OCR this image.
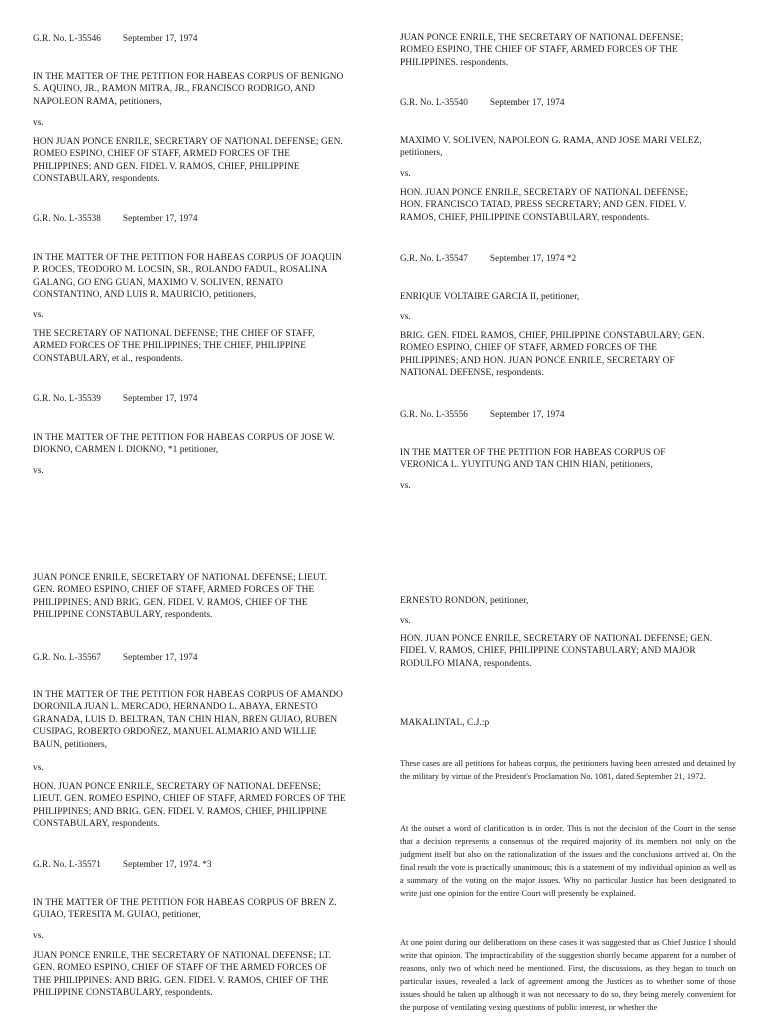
G.R. No. L-35546 September 17, 1974

IN THE MATTER OF THE PETITION FOR HABEAS CORPUS OF BENIGNO
S. AQUINO, JR., RAMON MITRA, JR., FRANCISCO RODRIGO, AND
NAPOLEON RAMA, petitioners,

vs.

HON JUAN PONCE ENRILE, SECRETARY OF NATIONAL DEFENSE; GEN.
ROMEO ESPINO, CHIEF OF STAFF, ARMED FORCES OF THE
PHILIPPINES; AND GEN. FIDEL V. RAMOS, CHIEF, PHILIPPINE
CONSTABULARY, respondents.

G.R. No. L-35538 September 17, 1974

IN THE MATTER OF THE PETITION FOR HABEAS CORPUS OF JOAQUIN
P. ROCES, TEODORO M. LOCSIN, SR., ROLANDO FADUL, ROSALINA
GALANG, GO ENG GUAN, MAXIMO V. SOLIVEN, RENATO
CONSTANTINO, AND LUIS R. MAURICIO, petitioners,

vs.

THE SECRETARY OF NATIONAL DEFENSE; THE CHIEF OF STAFF,
ARMED FORCES OF THE PHILIPPINES; THE CHIEF, PHILIPPINE
CONSTABULARY, et al., respondents.

G.R. No. L-35539 September 17, 1974

IN THE MATTER OF THE PETITION FOR HABEAS CORPUS OF JOSE W.
DIOKNO, CARMEN I. DIOKNO, *1 petitioner,

vs.

JUAN PONCE ENRILE, SECRETARY OF NATIONAL DEFENSE; LIEUT.
GEN. ROMEO ESPINO, CHIEF OF STAFF, ARMED FORCES OF THE
PHILIPPINES; AND BRIG. GEN. FIDEL V. RAMOS, CHIEF OF THE
PHILIPPINE CONSTABULARY, respondents.

G.R. No. L-35567 September 17, 1974

IN THE MATTER OF THE PETITION FOR HABEAS CORPUS OF AMANDO
DORONILA JUAN L. MERCADO, HERNANDO L. ABAYA, ERNESTO
GRANADA, LUIS D. BELTRAN, TAN CHIN HIAN, BREN GUIAO, RUBEN
CUSIPAG, ROBERTO ORDOÑEZ, MANUEL ALMARIO AND WILLIE
BAUN, petitioners,

vs.

HON. JUAN PONCE ENRILE, SECRETARY OF NATIONAL DEFENSE;
LIEUT. GEN. ROMEO ESPINO, CHIEF OF STAFF, ARMED FORCES OF THE
PHILIPPINES; AND BRIG. GEN. FIDEL V. RAMOS, CHIEF, PHILIPPINE
CONSTABULARY, respondents.

G.R. No. L-35571 September 17, 1974. *3

IN THE MATTER OF THE PETITION FOR HABEAS CORPUS OF BREN Z.
GUIAO, TERESITA M. GUIAO, petitioner,

vs.

JUAN PONCE ENRILE, THE SECRETARY OF NATIONAL DEFENSE; LT.
GEN. ROMEO ESPINO, CHIEF OF STAFF OF THE ARMED FORCES OF
THE PHILIPPINES: AND BRIG. GEN. FIDEL V. RAMOS, CHIEF OF THE
PHILIPPINE CONSTABULARY, respondents.

JUAN PONCE ENRILE, THE SECRETARY OF NATIONAL DEFENSE;
ROMEO ESPINO, THE CHIEF OF STAFF, ARMED FORCES OF THE
PHILIPPINES. respondents.

G.R. No. L-35540 September 17, 1974

MAXIMO V. SOLIVEN, NAPOLEON G. RAMA, AND JOSE MARI VELEZ,
petitioners,

vs.

HON. JUAN PONCE ENRILE, SECRETARY OF NATIONAL DEFENSE;
HON. FRANCISCO TATAD, PRESS SECRETARY; AND GEN. FIDEL V.
RAMOS, CHIEF, PHILIPPINE CONSTABULARY, respondents.

G.R. No. L-35547 September 17, 1974 *2

ENRIQUE VOLTAIRE GARCIA II, petitioner,

vs.

BRIG. GEN. FIDEL RAMOS, CHIEF, PHILIPPINE CONSTABULARY; GEN.
ROMEO ESPINO, CHIEF OF STAFF, ARMED FORCES OF THE
PHILIPPINES; AND HON. JUAN PONCE ENRILE, SECRETARY OF
NATIONAL DEFENSE, respondents.

G.R. No. L-35556 September 17, 1974

IN THE MATTER OF THE PETITION FOR HABEAS CORPUS OF
VERONICA L. YUYITUNG AND TAN CHIN HIAN, petitioners,

vs.

ERNESTO RONDON, petitioner,

vs.

HON. JUAN PONCE ENRILE, SECRETARY OF NATIONAL DEFENSE; GEN.
FIDEL V. RAMOS, CHIEF, PHILIPPINE CONSTABULARY; AND MAJOR
RODULFO MIANA, respondents.

MAKALINTAL, C.J.:p

These cases are all petitions for habeas corpus, the petitioners having been arrested and detained by the military by virtue of the President's Proclamation No. 1081, dated September 21, 1972.

At the outset a word of clarification is in order. This is not the decision of the Court in the sense that a decision represents a consensus of the required majority of its members not only on the judgment itself but also on the rationalization of the issues and the conclusions arrived at. On the final result the vote is practically unanimous; this is a statement of my individual opinion as well as a summary of the voting on the major issues. Why no particular Justice has been designated to write just one opinion for the entire Court will presently be explained.

At one point during our deliberations on these cases it was suggested that as Chief Justice I should write that opinion. The impracticability of the suggestion shortly became apparent for a number of reasons, only two of which need be mentioned. First, the discussions, as they began to touch on particular issues, revealed a lack of agreement among the Justices as to whether some of those issues should be taken up although it was not necessary to do so, they being merely convenient for the purpose of ventilating vexing questions of public interest, or whether the
